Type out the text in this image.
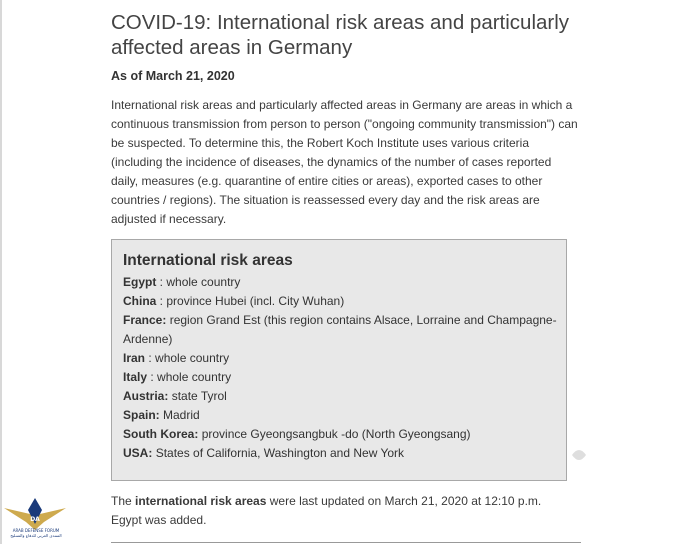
COVID-19: International risk areas and particularly affected areas in Germany
As of March 21, 2020

International risk areas and particularly affected areas in Germany are areas in which a continuous transmission from person to person ("ongoing community transmission") can be suspected. To determine this, the Robert Koch Institute uses various criteria (including the incidence of diseases, the dynamics of the number of cases reported daily, measures (e.g. quarantine of entire cities or areas), exported cases to other countries / regions). The situation is reassessed every day and the risk areas are adjusted if necessary.

International risk areas
Egypt : whole country
China : province Hubei (incl. City Wuhan)
France: region Grand Est (this region contains Alsace, Lorraine and Champagne-Ardenne)
Iran : whole country
Italy : whole country
Austria: state Tyrol
Spain: Madrid
South Korea: province Gyeongsangbuk -do (North Gyeongsang)
USA: States of California, Washington and New York
The international risk areas were last updated on March 21, 2020 at 12:10 p.m.
Egypt was added.
DA
ARAB DEFENSE FORUM
المنتدى العربي للدفاع والتسليح
